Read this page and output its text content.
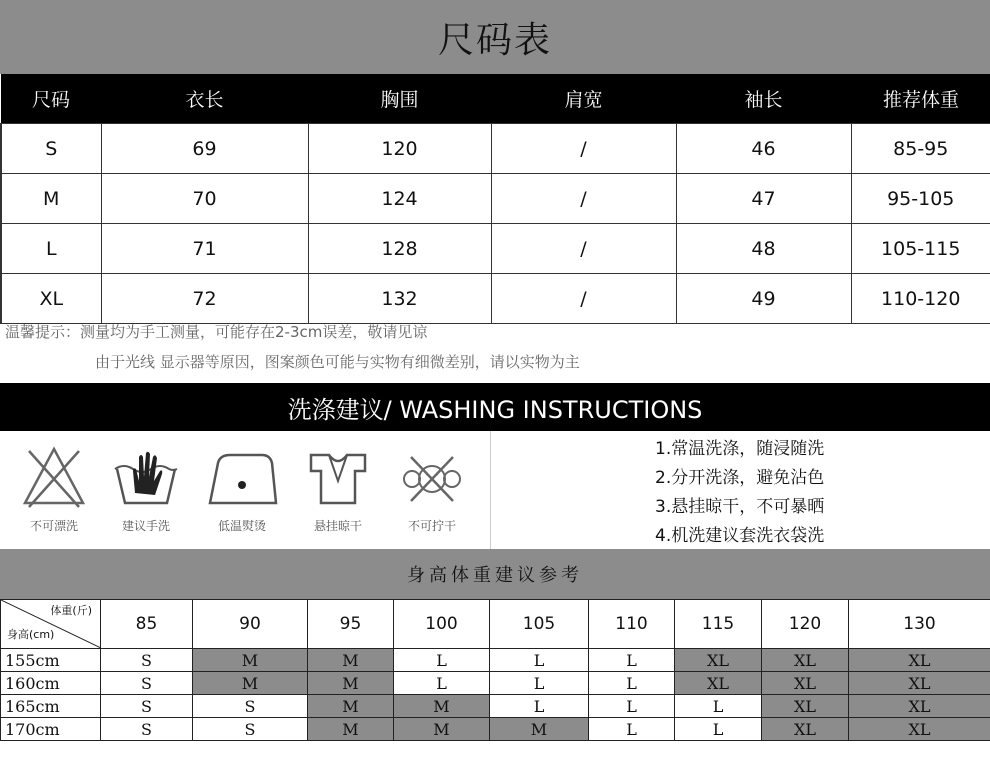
尺码表
尺码	衣长	胸围	肩宽	袖长	推荐体重
S	69	120	/	46	85-95
M	70	124	/	47	95-105
L	71	128	/	48	105-115
XL	72	132	/	49	110-120
温馨提示：测量均为手工测量，可能存在2-3cm误差，敬请见谅
由于光线 显示器等原因，图案颜色可能与实物有细微差别，请以实物为主
洗涤建议/ WASHING INSTRUCTIONS
不可漂洗	建议手洗	低温熨烫	悬挂晾干	不可拧干
1.常温洗涤，随浸随洗
2.分开洗涤，避免沾色
3.悬挂晾干，不可暴晒
4.机洗建议套洗衣袋洗
身高体重建议参考
体重(斤)
身高(cm)	85	90	95	100	105	110	115	120	130
155cm	S	M	M	L	L	L	XL	XL	XL
160cm	S	M	M	L	L	L	XL	XL	XL
165cm	S	S	M	M	L	L	L	XL	XL
170cm	S	S	M	M	M	L	L	XL	XL
